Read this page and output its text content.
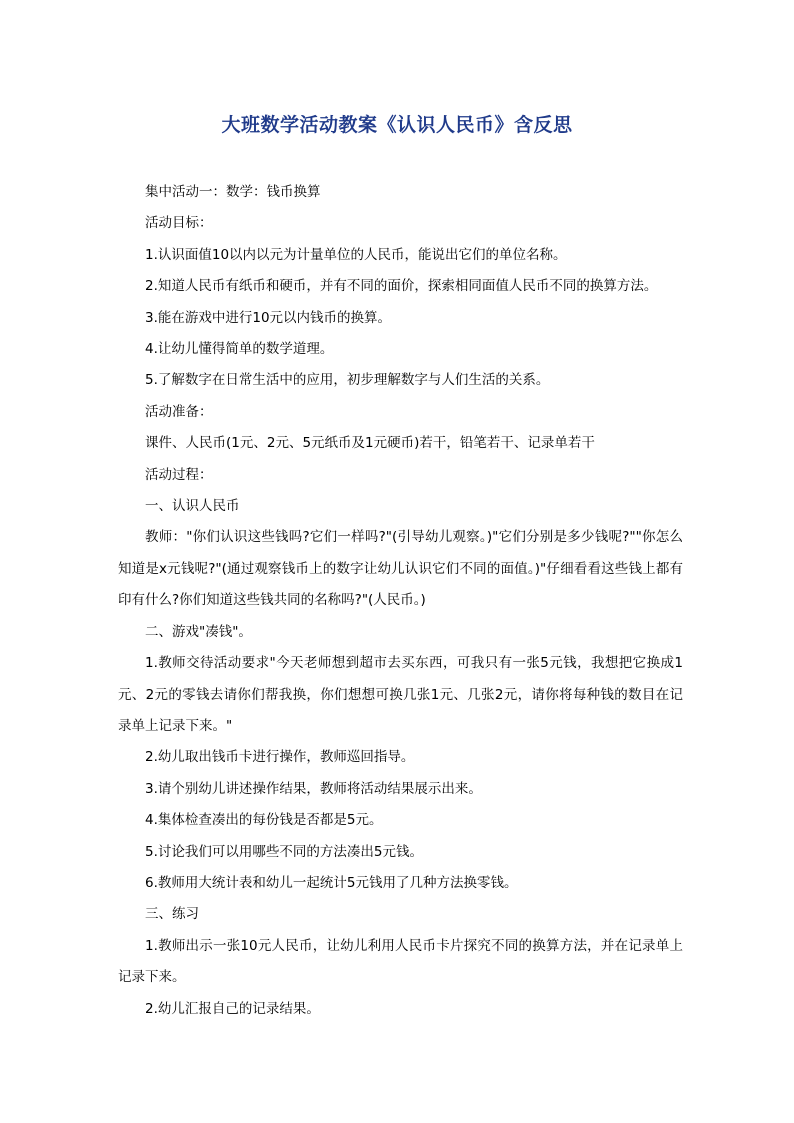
大班数学活动教案《认识人民币》含反思

集中活动一：数学：钱币换算

活动目标：

1.认识面值10以内以元为计量单位的人民币，能说出它们的单位名称。

2.知道人民币有纸币和硬币，并有不同的面价，探索相同面值人民币不同的换算方法。

3.能在游戏中进行10元以内钱币的换算。

4.让幼儿懂得简单的数学道理。

5.了解数字在日常生活中的应用，初步理解数字与人们生活的关系。

活动准备：

课件、人民币(1元、2元、5元纸币及1元硬币)若干，铅笔若干、记录单若干

活动过程：

一、认识人民币

教师："你们认识这些钱吗?它们一样吗?"(引导幼儿观察。)"它们分别是多少钱呢?""你怎么知道是x元钱呢?"(通过观察钱币上的数字让幼儿认识它们不同的面值。)"仔细看看这些钱上都有印有什么?你们知道这些钱共同的名称吗?"(人民币。)

二、游戏"凑钱"。

1.教师交待活动要求"今天老师想到超市去买东西，可我只有一张5元钱，我想把它换成1元、2元的零钱去请你们帮我换，你们想想可换几张1元、几张2元，请你将每种钱的数目在记录单上记录下来。"

2.幼儿取出钱币卡进行操作，教师巡回指导。

3.请个别幼儿讲述操作结果，教师将活动结果展示出来。

4.集体检查凑出的每份钱是否都是5元。

5.讨论我们可以用哪些不同的方法凑出5元钱。

6.教师用大统计表和幼儿一起统计5元钱用了几种方法换零钱。

三、练习

1.教师出示一张10元人民币，让幼儿利用人民币卡片探究不同的换算方法，并在记录单上记录下来。

2.幼儿汇报自己的记录结果。
